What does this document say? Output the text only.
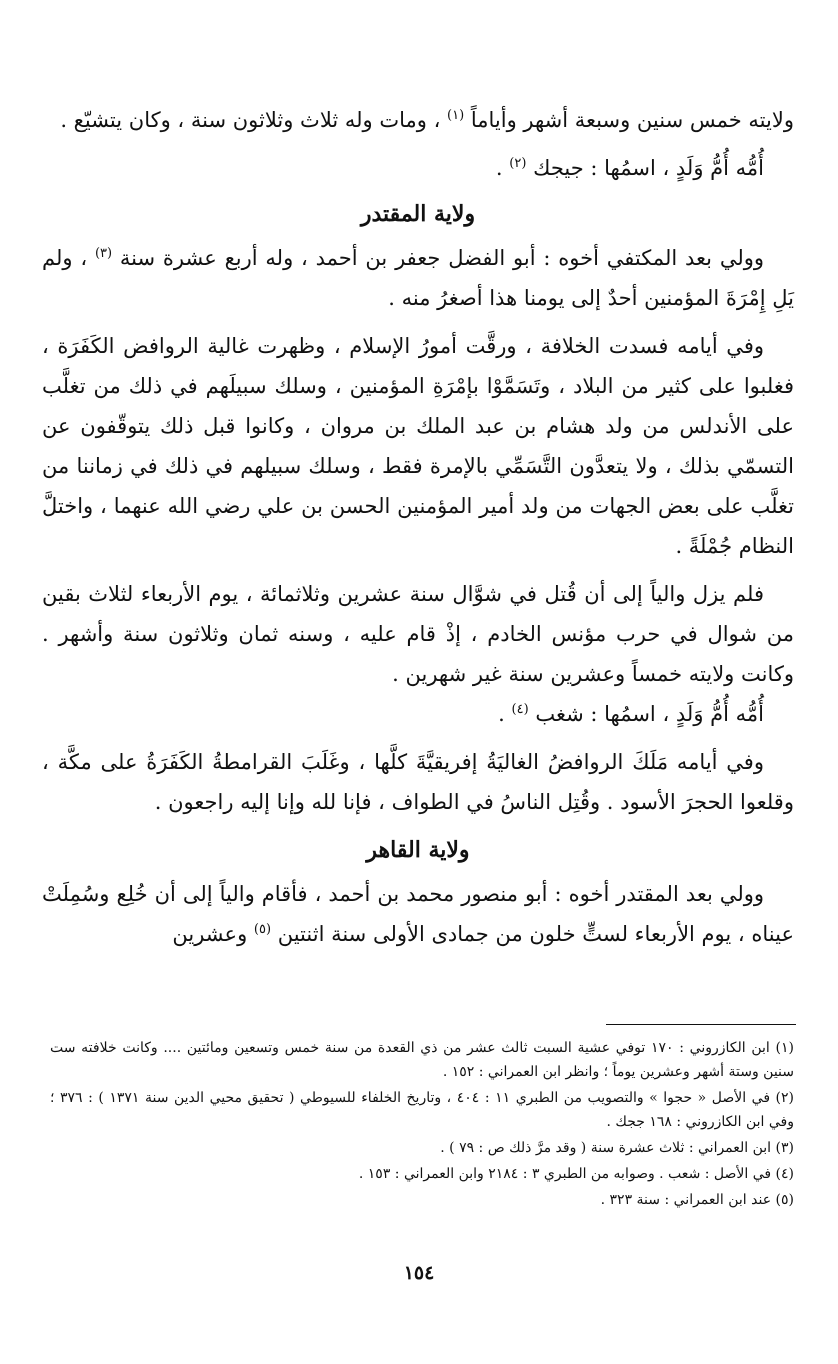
ولايته خمس سنين وسبعة أشهر وأياماً $^{(١)}$ ، ومات وله ثلاث وثلاثون سنة ، وكان يتشيّع .

أُمُّه أُمُّ وَلَدٍ ، اسمُها : جيجك $^{(٢)}$ .

ولاية المقتدر

وولي بعد المكتفي أخوه : أبو الفضل جعفر بن أحمد ، وله أربع عشرة سنة $^{(٣)}$ ، ولم يَلِ إِمْرَةَ المؤمنين أحدٌ إلى يومنا هذا أصغرُ منه .

وفي أيامه فسدت الخلافة ، ورقَّت أمورُ الإسلام ، وظهرت غالية الروافض الكَفَرَة ، فغلبوا على كثير من البلاد ، وتَسَمَّوْا بإمْرَةِ المؤمنين ، وسلك سبيلَهم في ذلك من تغلَّب على الأندلس من ولد هشام بن عبد الملك بن مروان ، وكانوا قبل ذلك يتوقّفون عن التسمّي بذلك ، ولا يتعدَّون التَّسَمِّي بالإمرة فقط ، وسلك سبيلهم في ذلك في زماننا من تغلَّب على بعض الجهات من ولد أمير المؤمنين الحسن بن علي رضي الله عنهما ، واختلَّ النظام جُمْلَةً .

فلم يزل والياً إلى أن قُتل في شوَّال سنة عشرين وثلاثمائة ، يوم الأربعاء لثلاث بقين من شوال في حرب مؤنس الخادم ، إذْ قام عليه ، وسنه ثمان وثلاثون سنة وأشهر . وكانت ولايته خمساً وعشرين سنة غير شهرين .

أُمُّه أُمُّ وَلَدٍ ، اسمُها : شغب $^{(٤)}$ .

وفي أيامه مَلَكَ الروافضُ الغاليَةُ إفريقيَّةَ كلَّها ، وغَلَبَ القرامطةُ الكَفَرَةُ على مكَّة ، وقلعوا الحجرَ الأسود . وقُتِل الناسُ في الطواف ، فإنا لله وإنا إليه راجعون .

ولاية القاهر

وولي بعد المقتدر أخوه : أبو منصور محمد بن أحمد ، فأقام والياً إلى أن خُلِع وسُمِلَتْ عيناه ، يوم الأربعاء لستٍّ خلون من جمادى الأولى سنة اثنتين $^{(٥)}$ وعشرين

(١) ابن الكازروني : ١٧٠ توفي عشية السبت ثالث عشر من ذي القعدة من سنة خمس وتسعين ومائتين .... وكانت خلافته ست سنين وستة أشهر وعشرين يوماً ؛ وانظر ابن العمراني : ١٥٢ .

(٢) في الأصل « حجوا » والتصويب من الطبري ١١ : ٤٠٤ ، وتاريخ الخلفاء للسيوطي ( تحقيق محيي الدين سنة ١٣٧١ ) : ٣٧٦ ؛ وفي ابن الكازروني : ١٦٨ ججك .

(٣) ابن العمراني : ثلاث عشرة سنة ( وقد مرَّ ذلك ص : ٧٩ ) .

(٤) في الأصل : شعب . وصوابه من الطبري ٣ : ٢١٨٤ وابن العمراني : ١٥٣ .

(٥) عند ابن العمراني : سنة ٣٢٣ .

١٥٤
